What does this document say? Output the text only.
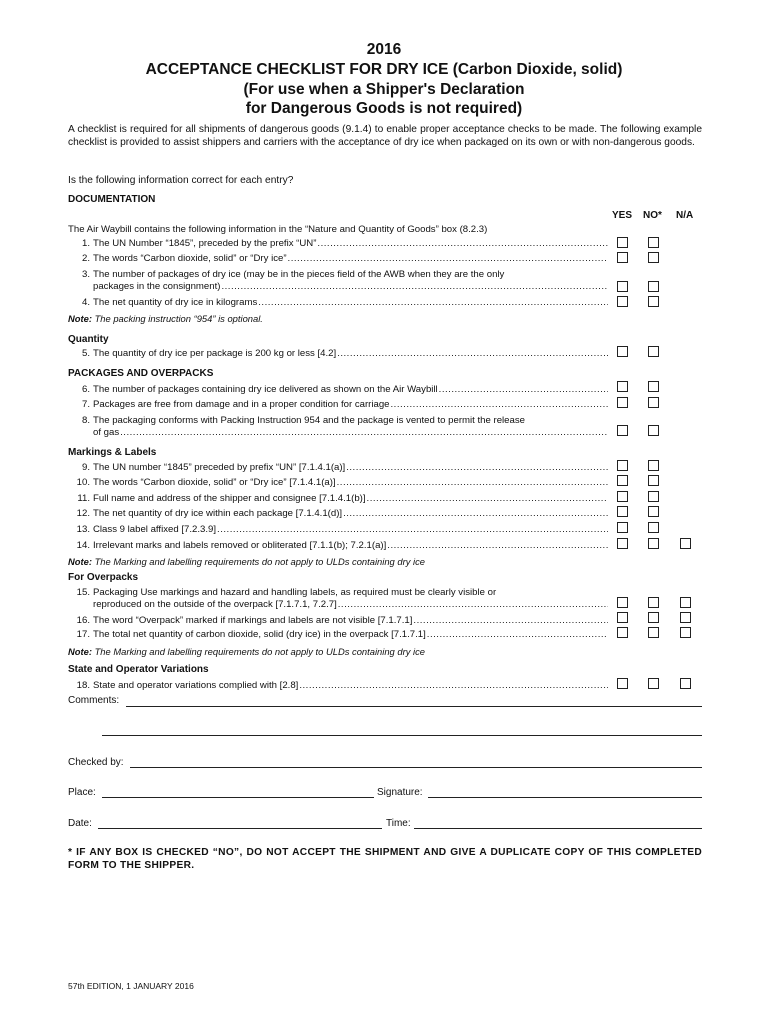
2016
ACCEPTANCE CHECKLIST FOR DRY ICE (Carbon Dioxide, solid)
(For use when a Shipper's Declaration
for Dangerous Goods is not required)
A checklist is required for all shipments of dangerous goods (9.1.4) to enable proper acceptance checks to be made. The following example checklist is provided to assist shippers and carriers with the acceptance of dry ice when packaged on its own or with non-dangerous goods.
Is the following information correct for each entry?
DOCUMENTATION
YES NO* N/A
The Air Waybill contains the following information in the “Nature and Quantity of Goods” box (8.2.3)
1. The UN Number “1845”, preceded by the prefix “UN”
.....
2. The words “Carbon dioxide, solid” or “Dry ice”
.....
3. The number of packages of dry ice (may be in the pieces field of the AWB when they are the only
packages in the consignment)
.....
4. The net quantity of dry ice in kilograms
.....
Note: The packing instruction “954” is optional.
Quantity
5. The quantity of dry ice per package is 200 kg or less [4.2]
.....
PACKAGES AND OVERPACKS
6. The number of packages containing dry ice delivered as shown on the Air Waybill
.....
7. Packages are free from damage and in a proper condition for carriage
.....
8. The packaging conforms with Packing Instruction 954 and the package is vented to permit the release
of gas
.....
Markings & Labels
9. The UN number “1845” preceded by prefix “UN” [7.1.4.1(a)]
.....
10. The words “Carbon dioxide, solid” or “Dry ice” [7.1.4.1(a)]
.....
11. Full name and address of the shipper and consignee [7.1.4.1(b)]
.....
12. The net quantity of dry ice within each package [7.1.4.1(d)]
.....
13. Class 9 label affixed [7.2.3.9]
.....
14. Irrelevant marks and labels removed or obliterated [7.1.1(b); 7.2.1(a)]
.....
Note: The Marking and labelling requirements do not apply to ULDs containing dry ice
For Overpacks
15. Packaging Use markings and hazard and handling labels, as required must be clearly visible or
reproduced on the outside of the overpack [7.1.7.1, 7.2.7]
.....
16. The word “Overpack” marked if markings and labels are not visible [7.1.7.1]
.....
17. The total net quantity of carbon dioxide, solid (dry ice) in the overpack [7.1.7.1]
.....
Note: The Marking and labelling requirements do not apply to ULDs containing dry ice
State and Operator Variations
18. State and operator variations complied with [2.8]
.....
Comments:
Checked by:
Place:	Signature:
Date:	Time:
* IF ANY BOX IS CHECKED “NO”, DO NOT ACCEPT THE SHIPMENT AND GIVE A DUPLICATE COPY OF THIS COMPLETED FORM TO THE SHIPPER.
57th EDITION, 1 JANUARY 2016
